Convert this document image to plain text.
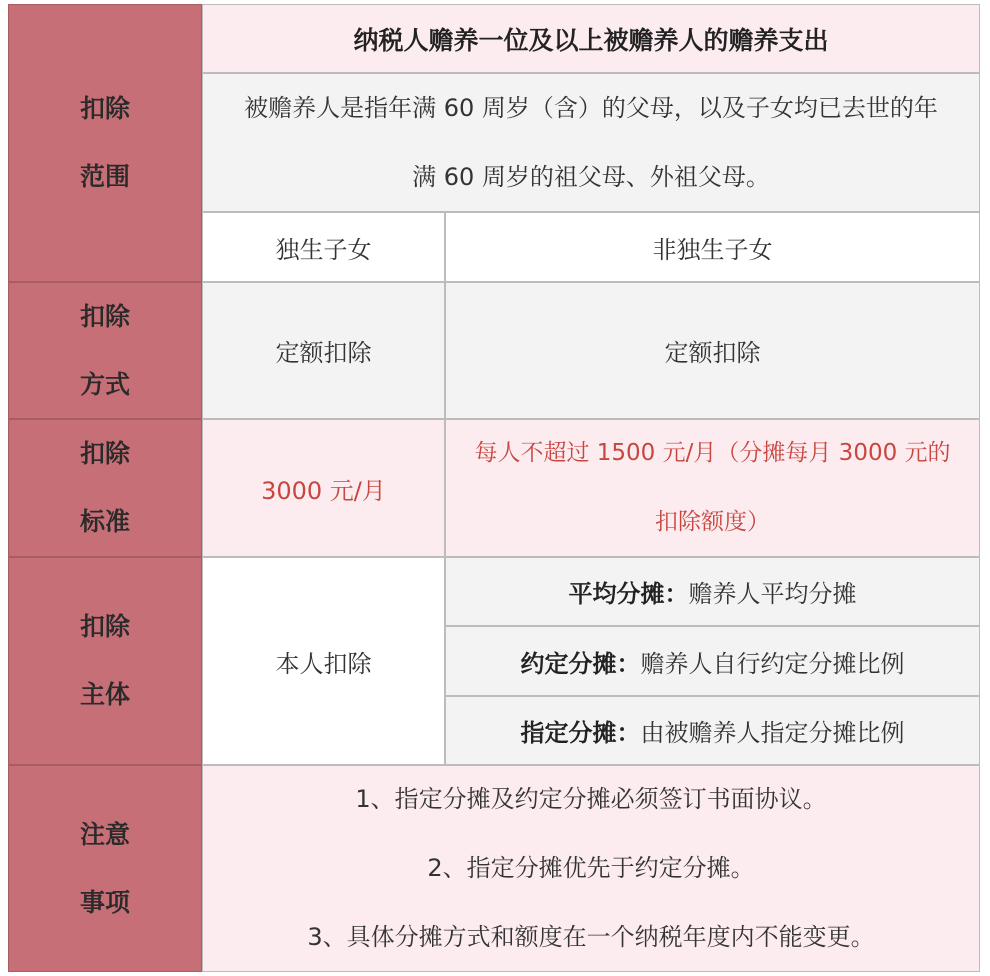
扣除
范围
扣除
方式
扣除
标准
扣除
主体
注意
事项
纳税人赡养一位及以上被赡养人的赡养支出
被赡养人是指年满 60 周岁（含）的父母，以及子女均已去世的年
满 60 周岁的祖父母、外祖父母。
独生子女	非独生子女
定额扣除	定额扣除
3000 元/月
每人不超过 1500 元/月（分摊每月 3000 元的
扣除额度）
本人扣除
平均分摊： 赡养人平均分摊
约定分摊： 赡养人自行约定分摊比例
指定分摊： 由被赡养人指定分摊比例
1、指定分摊及约定分摊必须签订书面协议。
2、指定分摊优先于约定分摊。
3、具体分摊方式和额度在一个纳税年度内不能变更。
